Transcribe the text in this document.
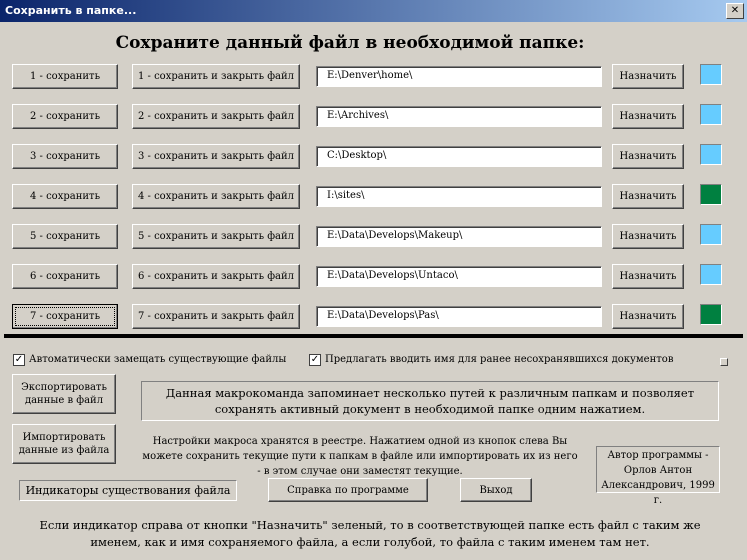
Сохранить в папке...	✕
Сохраните данный файл в необходимой папке:
1 - сохранить	1 - сохранить и закрыть файл	E:\Denver\home\	Назначить
2 - сохранить	2 - сохранить и закрыть файл	E:\Archives\	Назначить
3 - сохранить	3 - сохранить и закрыть файл	C:\Desktop\	Назначить
4 - сохранить	4 - сохранить и закрыть файл	I:\sites\	Назначить
5 - сохранить	5 - сохранить и закрыть файл	E:\Data\Develops\Makeup\	Назначить
6 - сохранить	6 - сохранить и закрыть файл	E:\Data\Develops\Untaco\	Назначить
7 - сохранить	7 - сохранить и закрыть файл	E:\Data\Develops\Pas\	Назначить
✓ Автоматически замещать существующие файлы ✓ Предлагать вводить имя для ранее несохранявшихся документов
Экспортировать данные в файл
Импортировать данные из файла
Данная макрокоманда запоминает несколько путей к различным папкам и позволяет сохранять активный документ в необходимой папке одним нажатием.
Настройки макроса хранятся в реестре. Нажатием одной из кнопок слева Вы можете сохранить текущие пути к папкам в файле или импортировать их из него - в этом случае они заместят текущие.
Автор программы - Орлов Антон Александрович, 1999 г.
Индикаторы существования файла	Справка по программе	Выход
Если индикатор справа от кнопки "Назначить" зеленый, то в соответствующей папке есть файл с таким же именем, как и имя сохраняемого файла, а если голубой, то файла с таким именем там нет.
